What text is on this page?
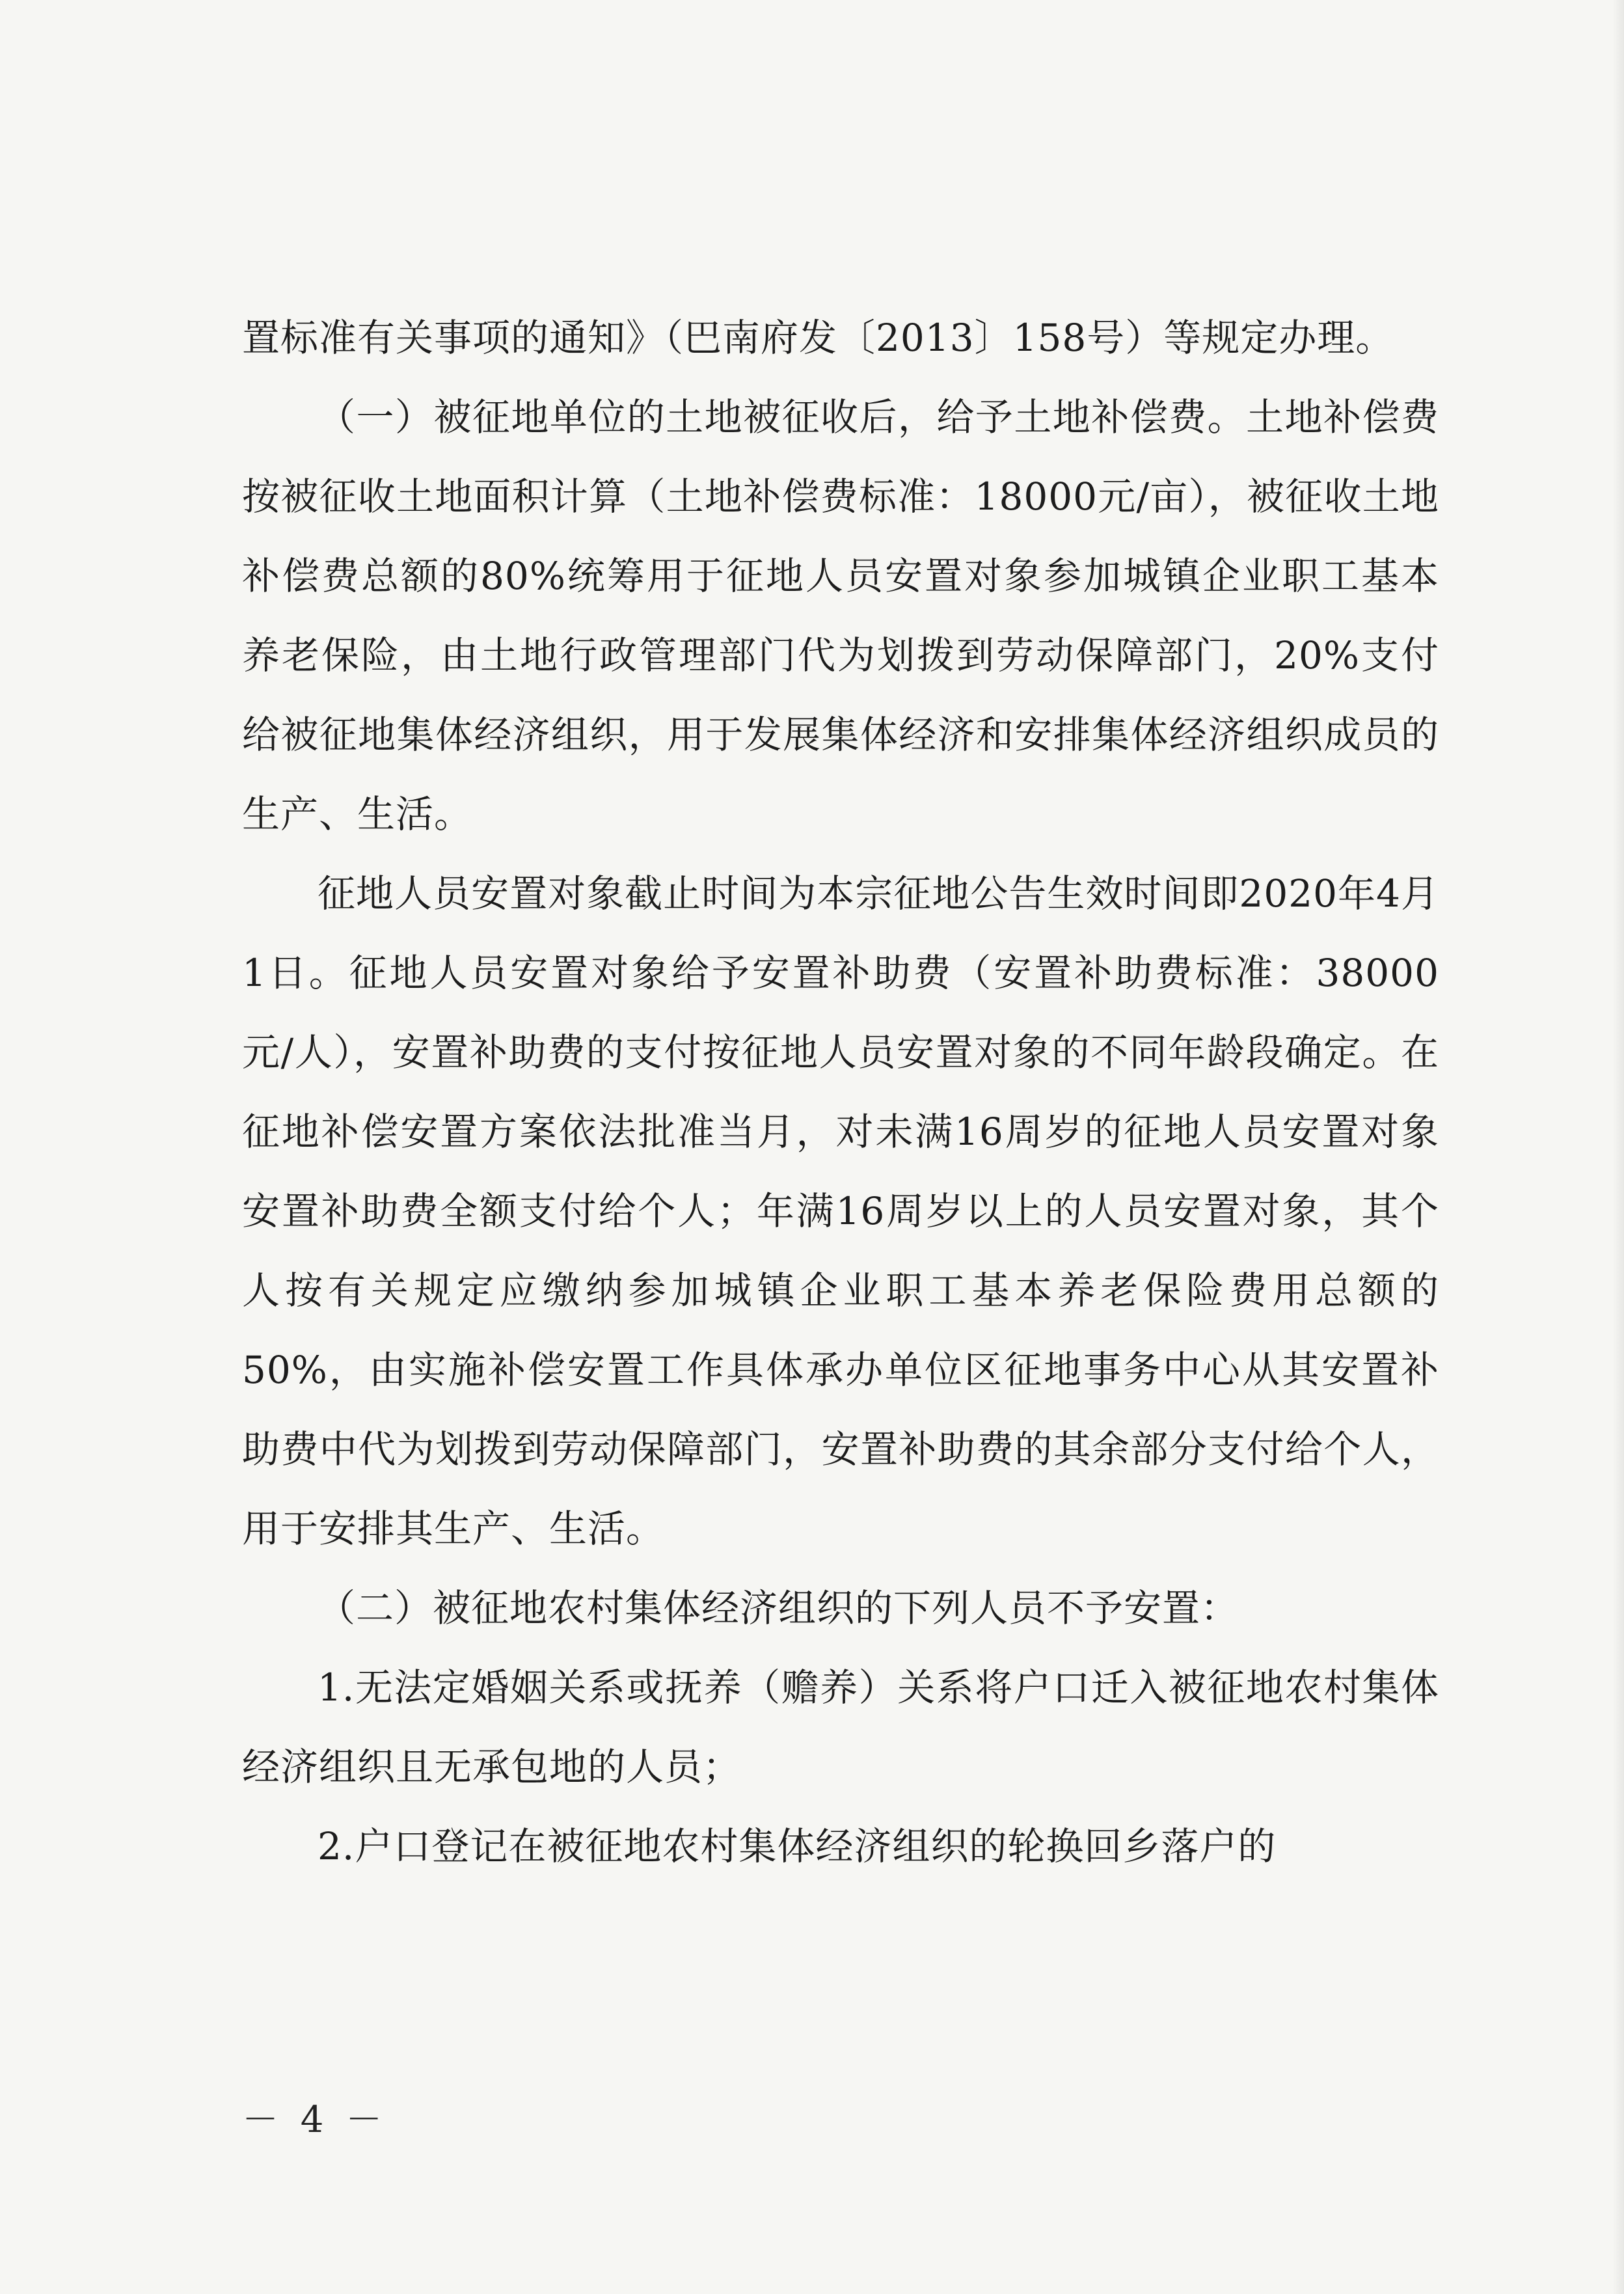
置标准有关事项的通知》（巴南府发〔2013〕158号）等规定办理。

（一）被征地单位的土地被征收后，给予土地补偿费。土地补偿费按被征收土地面积计算（土地补偿费标准：18000元/亩），被征收土地补偿费总额的80%统筹用于征地人员安置对象参加城镇企业职工基本养老保险，由土地行政管理部门代为划拨到劳动保障部门，20%支付给被征地集体经济组织，用于发展集体经济和安排集体经济组织成员的生产、生活。

征地人员安置对象截止时间为本宗征地公告生效时间即2020年4月1日。征地人员安置对象给予安置补助费（安置补助费标准：38000元/人），安置补助费的支付按征地人员安置对象的不同年龄段确定。在征地补偿安置方案依法批准当月，对未满16周岁的征地人员安置对象安置补助费全额支付给个人；年满16周岁以上的人员安置对象，其个人按有关规定应缴纳参加城镇企业职工基本养老保险费用总额的50%，由实施补偿安置工作具体承办单位区征地事务中心从其安置补助费中代为划拨到劳动保障部门，安置补助费的其余部分支付给个人，用于安排其生产、生活。

（二）被征地农村集体经济组织的下列人员不予安置：

1.无法定婚姻关系或抚养（赡养）关系将户口迁入被征地农村集体经济组织且无承包地的人员；

2.户口登记在被征地农村集体经济组织的轮换回乡落户的

－ 4 －
